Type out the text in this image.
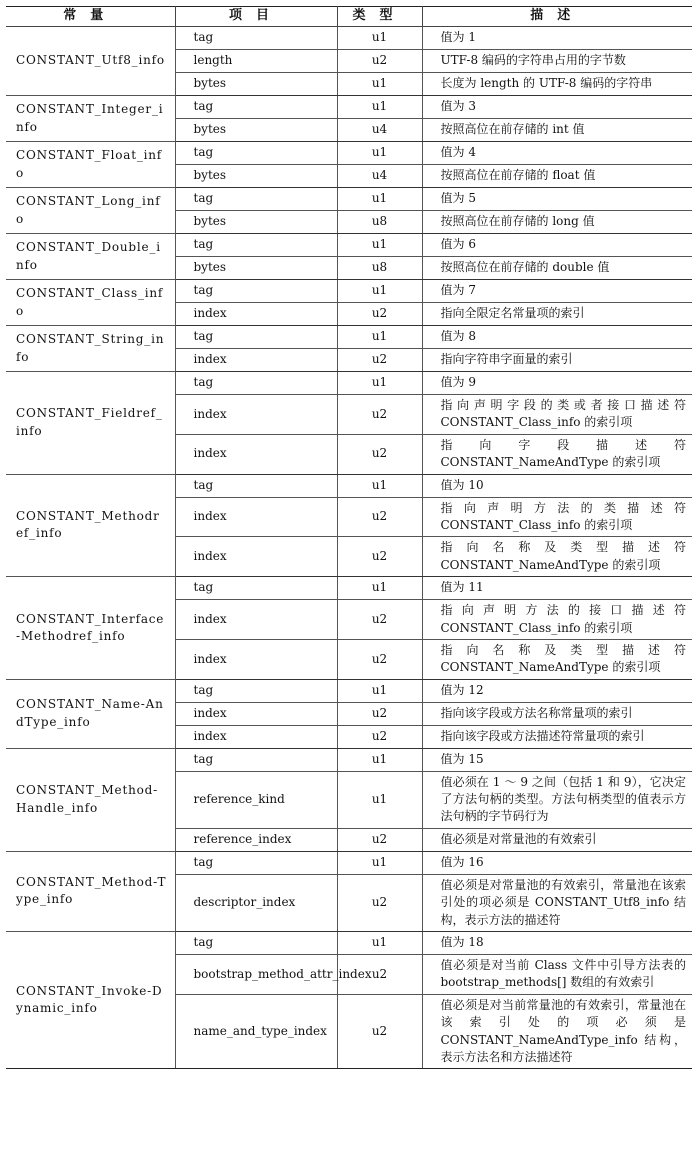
常量	项目	类型	描述
CONSTANT_Utf8_info	tag	u1	值为 1
	length	u2	UTF-8 编码的字符串占用的字节数
	bytes	u1	长度为 length 的 UTF-8 编码的字符串
CONSTANT_Integer_info	tag	u1	值为 3
	bytes	u4	按照高位在前存储的 int 值
CONSTANT_Float_info	tag	u1	值为 4
	bytes	u4	按照高位在前存储的 float 值
CONSTANT_Long_info	tag	u1	值为 5
	bytes	u8	按照高位在前存储的 long 值
CONSTANT_Double_info	tag	u1	值为 6
	bytes	u8	按照高位在前存储的 double 值
CONSTANT_Class_info	tag	u1	值为 7
	index	u2	指向全限定名常量项的索引
CONSTANT_String_info	tag	u1	值为 8
	index	u2	指向字符串字面量的索引
CONSTANT_Fieldref_info	tag	u1	值为 9
	index	u2	指向声明字段的类或者接口描述符 CONSTANT_Class_info 的索引项
	index	u2	指向字段描述符 CONSTANT_NameAndType 的索引项
CONSTANT_Methodref_info	tag	u1	值为 10
	index	u2	指向声明方法的类描述符 CONSTANT_Class_info 的索引项
	index	u2	指向名称及类型描述符 CONSTANT_NameAndType 的索引项
CONSTANT_Interface-Methodref_info	tag	u1	值为 11
	index	u2	指向声明方法的接口描述符 CONSTANT_Class_info 的索引项
	index	u2	指向名称及类型描述符 CONSTANT_NameAndType 的索引项
CONSTANT_Name-AndType_info	tag	u1	值为 12
	index	u2	指向该字段或方法名称常量项的索引
	index	u2	指向该字段或方法描述符常量项的索引
CONSTANT_Method-Handle_info	tag	u1	值为 15
	reference_kind	u1	值必须在 1 ～ 9 之间（包括 1 和 9），它决定了方法句柄的类型。方法句柄类型的值表示方法句柄的字节码行为
	reference_index	u2	值必须是对常量池的有效索引
CONSTANT_Method-Type_info	tag	u1	值为 16
	descriptor_index	u2	值必须是对常量池的有效索引，常量池在该索引处的项必须是 CONSTANT_Utf8_info 结构，表示方法的描述符
CONSTANT_Invoke-Dynamic_info	tag	u1	值为 18
	bootstrap_method_attr_index	u2	值必须是对当前 Class 文件中引导方法表的 bootstrap_methods[] 数组的有效索引
	name_and_type_index	u2	值必须是对当前常量池的有效索引，常量池在该索引处的项必须是 CONSTANT_NameAndType_info 结构，表示方法名和方法描述符
